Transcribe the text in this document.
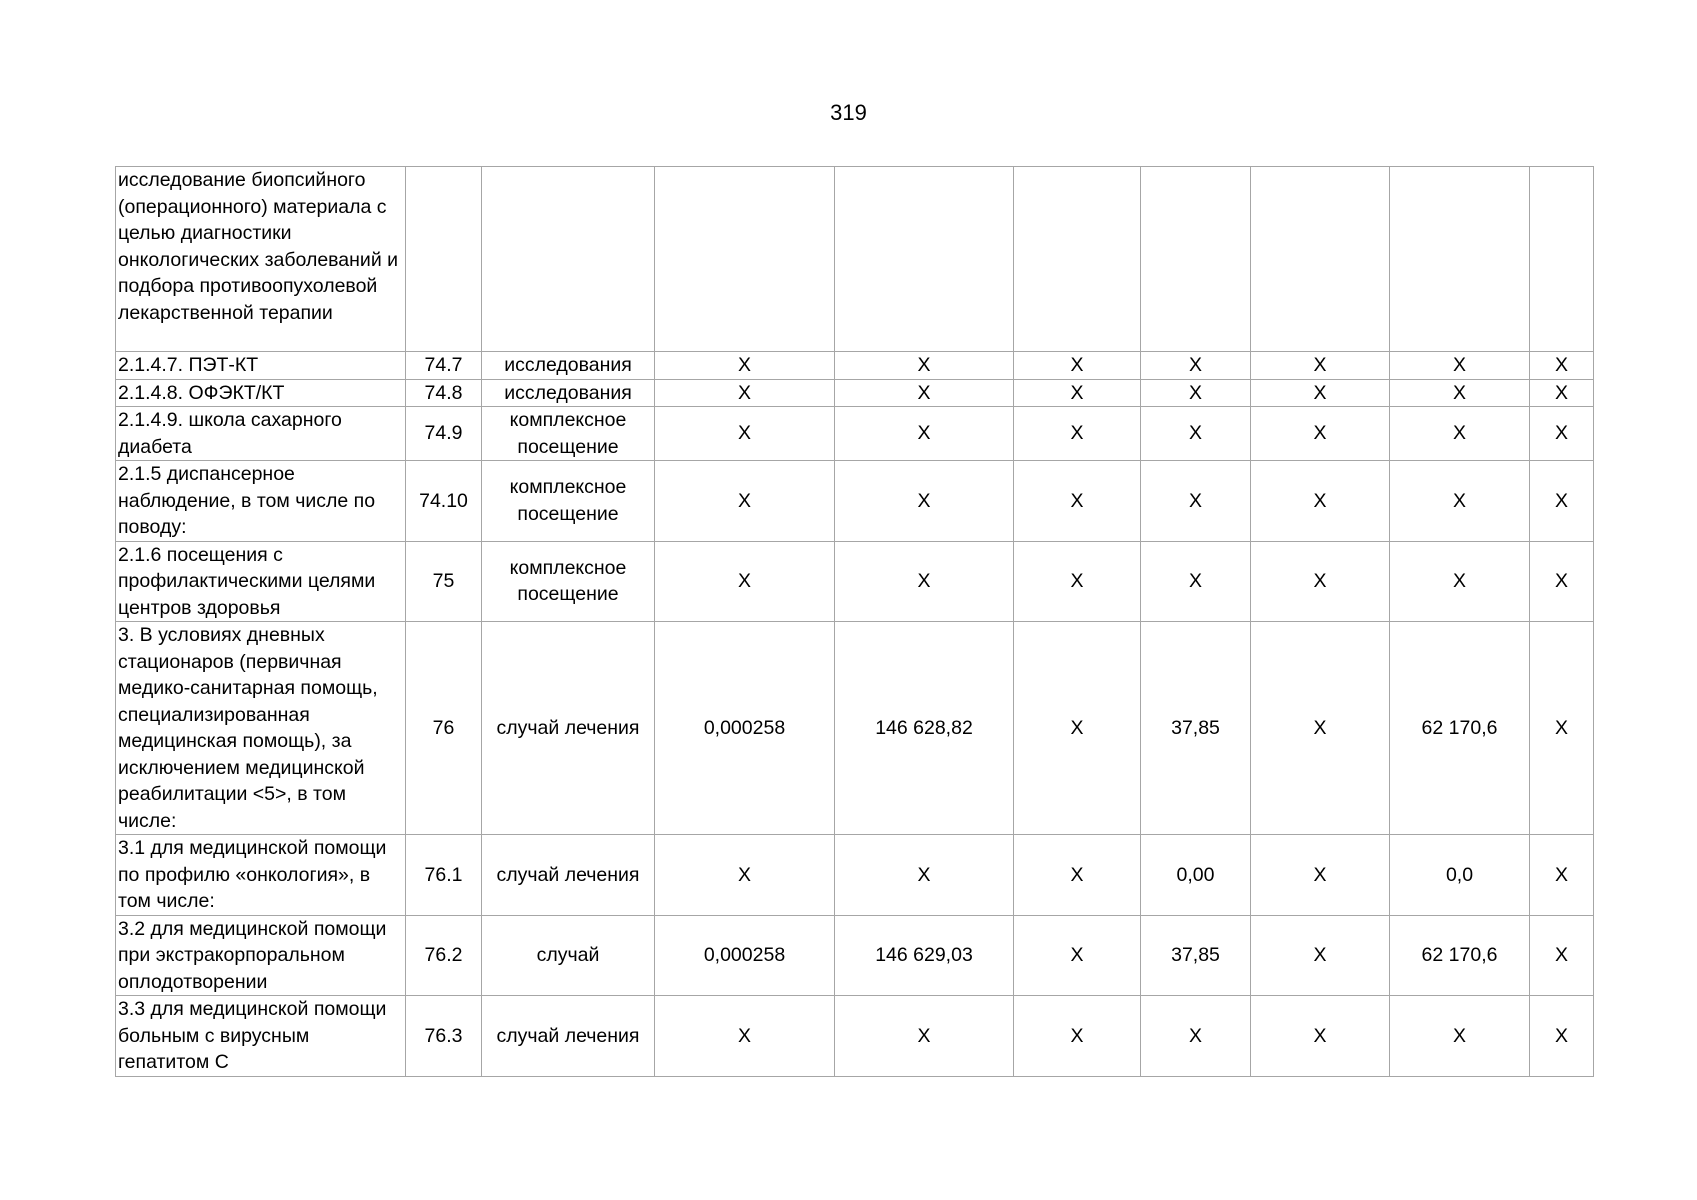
319
исследование биопсийного (операционного) материала с целью диагностики онкологических заболеваний и подбора противоопухолевой лекарственной терапии									
2.1.4.7. ПЭТ-КТ	74.7	исследования	X	X	X	X	X	X	X
2.1.4.8. ОФЭКТ/КТ	74.8	исследования	X	X	X	X	X	X	X
2.1.4.9. школа сахарного диабета	74.9	комплексное посещение	X	X	X	X	X	X	X
2.1.5 диспансерное наблюдение, в том числе по поводу:	74.10	комплексное посещение	X	X	X	X	X	X	X
2.1.6 посещения с профилактическими целями центров здоровья	75	комплексное посещение	X	X	X	X	X	X	X
3. В условиях дневных стационаров (первичная медико-санитарная помощь, специализированная медицинская помощь), за исключением медицинской реабилитации <5>, в том числе:	76	случай лечения	0,000258	146 628,82	X	37,85	X	62 170,6	X
3.1 для медицинской помощи по профилю «онкология», в том числе:	76.1	случай лечения	X	X	X	0,00	X	0,0	X
3.2 для медицинской помощи при экстракорпоральном оплодотворении	76.2	случай	0,000258	146 629,03	X	37,85	X	62 170,6	X
3.3 для медицинской помощи больным с вирусным гепатитом С	76.3	случай лечения	X	X	X	X	X	X	X
